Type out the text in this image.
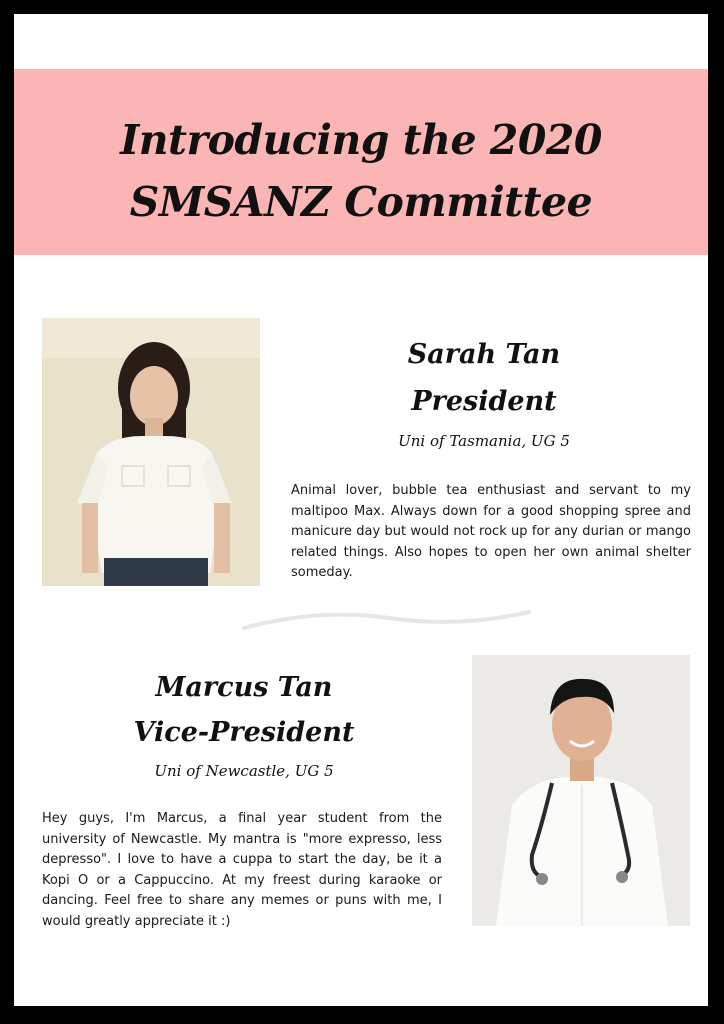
Introducing the 2020 SMSANZ Committee
Sarah Tan
President
Uni of Tasmania, UG 5

Animal lover, bubble tea enthusiast and servant to my maltipoo Max. Always down for a good shopping spree and manicure day but would not rock up for any durian or mango related things. Also hopes to open her own animal shelter someday.

Marcus Tan
Vice-President
Uni of Newcastle, UG 5

Hey guys, I'm Marcus, a final year student from the university of Newcastle. My mantra is "more expresso, less depresso". I love to have a cuppa to start the day, be it a Kopi O or a Cappuccino. At my freest during karaoke or dancing. Feel free to share any memes or puns with me, I would greatly appreciate it :)
